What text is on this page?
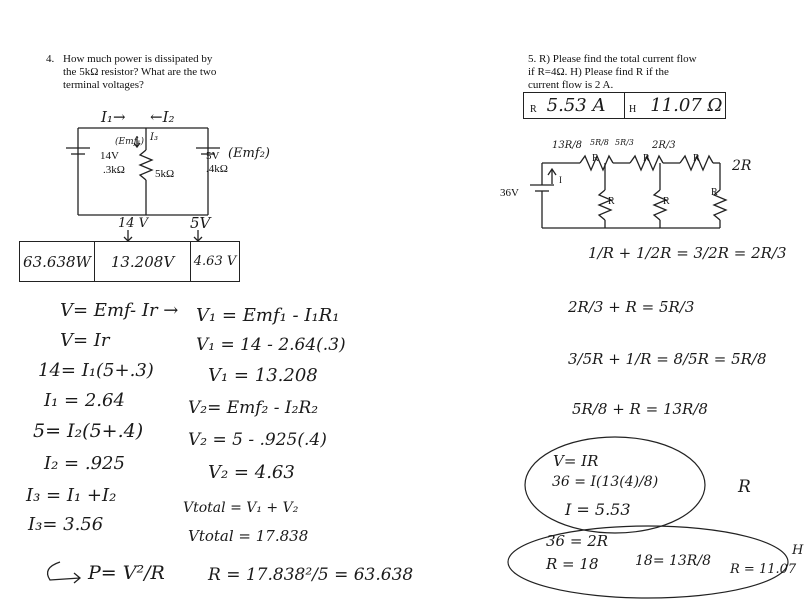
4. How much power is dissipated by
the 5kΩ resistor? What are the two
terminal voltages?
I₁→ ←I₂
I₃
14V
(Emf₁)
.3kΩ	5kΩ
5V (Emf₂)
.4kΩ
14 V	5V
63.638W 13.208V 4.63 V
V= Emf- Ir →
V= Ir
14= I₁(5+.3)
I₁ = 2.64
5= I₂(5+.4)
I₂ = .925
I₃ = I₁ +I₂
I₃= 3.56
V₁ = Emf₁ - I₁R₁
V₁ = 14 - 2.64(.3)
V₁ = 13.208
V₂= Emf₂ - I₂R₂
V₂ = 5 - .925(.4)
V₂ = 4.63
Vtotal = V₁ + V₂
Vtotal = 17.838
P= V²/R	R = 17.838²/5 = 63.638
5. R) Please find the total current flow
if R=4Ω. H) Please find R if the
current flow is 2 A.
R 5.53 A H 11.07 Ω
36V
I
R	R	R
R	R
R
2R
13R/8 5R/8 5R/3 2R/3
1/R + 1/2R = 3/2R = 2R/3
2R/3 + R = 5R/3
3/5R + 1/R = 8/5R = 5R/8
5R/8 + R = 13R/8
V= IR
36 = I(13(4)/8)
I = 5.53
R
36 = 2R
R = 18	18= 13R/8
R = 11.07
H
